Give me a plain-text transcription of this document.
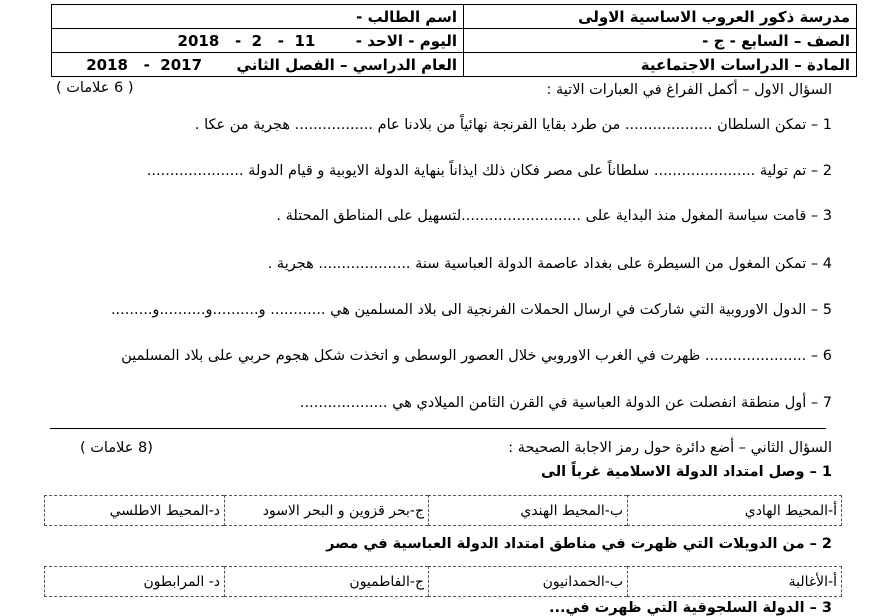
مدرسة ذكور العروب الاساسية الاولى	اسم الطالب -
الصف – السابع - ج -	اليوم - الاحد -  11  -   2  -   2018
المادة – الدراسات الاجتماعية	العام الدراسي – الفصل الثاني  2017  -   2018
السؤال الاول – أكمل الفراغ في العبارات الاتية :
( 6 علامات )
1 – تمكن السلطان ................... من طرد بقايا الفرنجة نهائياً من بلادنا عام ................. هجرية من عكا .
2 – تم تولية ...................... سلطاناً على مصر فكان ذلك ايذاناً بنهاية الدولة الايوبية و قيام الدولة .....................
3 – قامت سياسة المغول منذ البداية على ..........................لتسهيل على المناطق المحتلة .
4 – تمكن المغول من السيطرة على بغداد عاصمة الدولة العباسية سنة .................... هجرية .
5 – الدول الاوروبية التي شاركت في ارسال الحملات الفرنجية الى بلاد المسلمين هي ............ و..........و..........و.........
6 – ...................... ظهرت في الغرب الاوروبي خلال العصور الوسطى و اتخذت شكل هجوم حربي على بلاد المسلمين
7 – أول منطقة انفصلت عن الدولة العباسية في القرن الثامن الميلادي هي ...................
السؤال الثاني – أضع دائرة حول رمز الاجابة الصحيحة :
(8 علامات )
1 – وصل امتداد الدولة الاسلامية غرباً الى
أ-المحيط الهادي	ب-المحيط الهندي	ج-بحر قزوين و البحر الاسود	د-المحيط الاطلسي
2 – من الدويلات التي ظهرت في مناطق امتداد الدولة العباسية في مصر
أ-الأغالبة	ب-الحمدانيون	ج-الفاطميون	د- المرابطون
3 – الدولة السلجوقية التي ظهرت في...
